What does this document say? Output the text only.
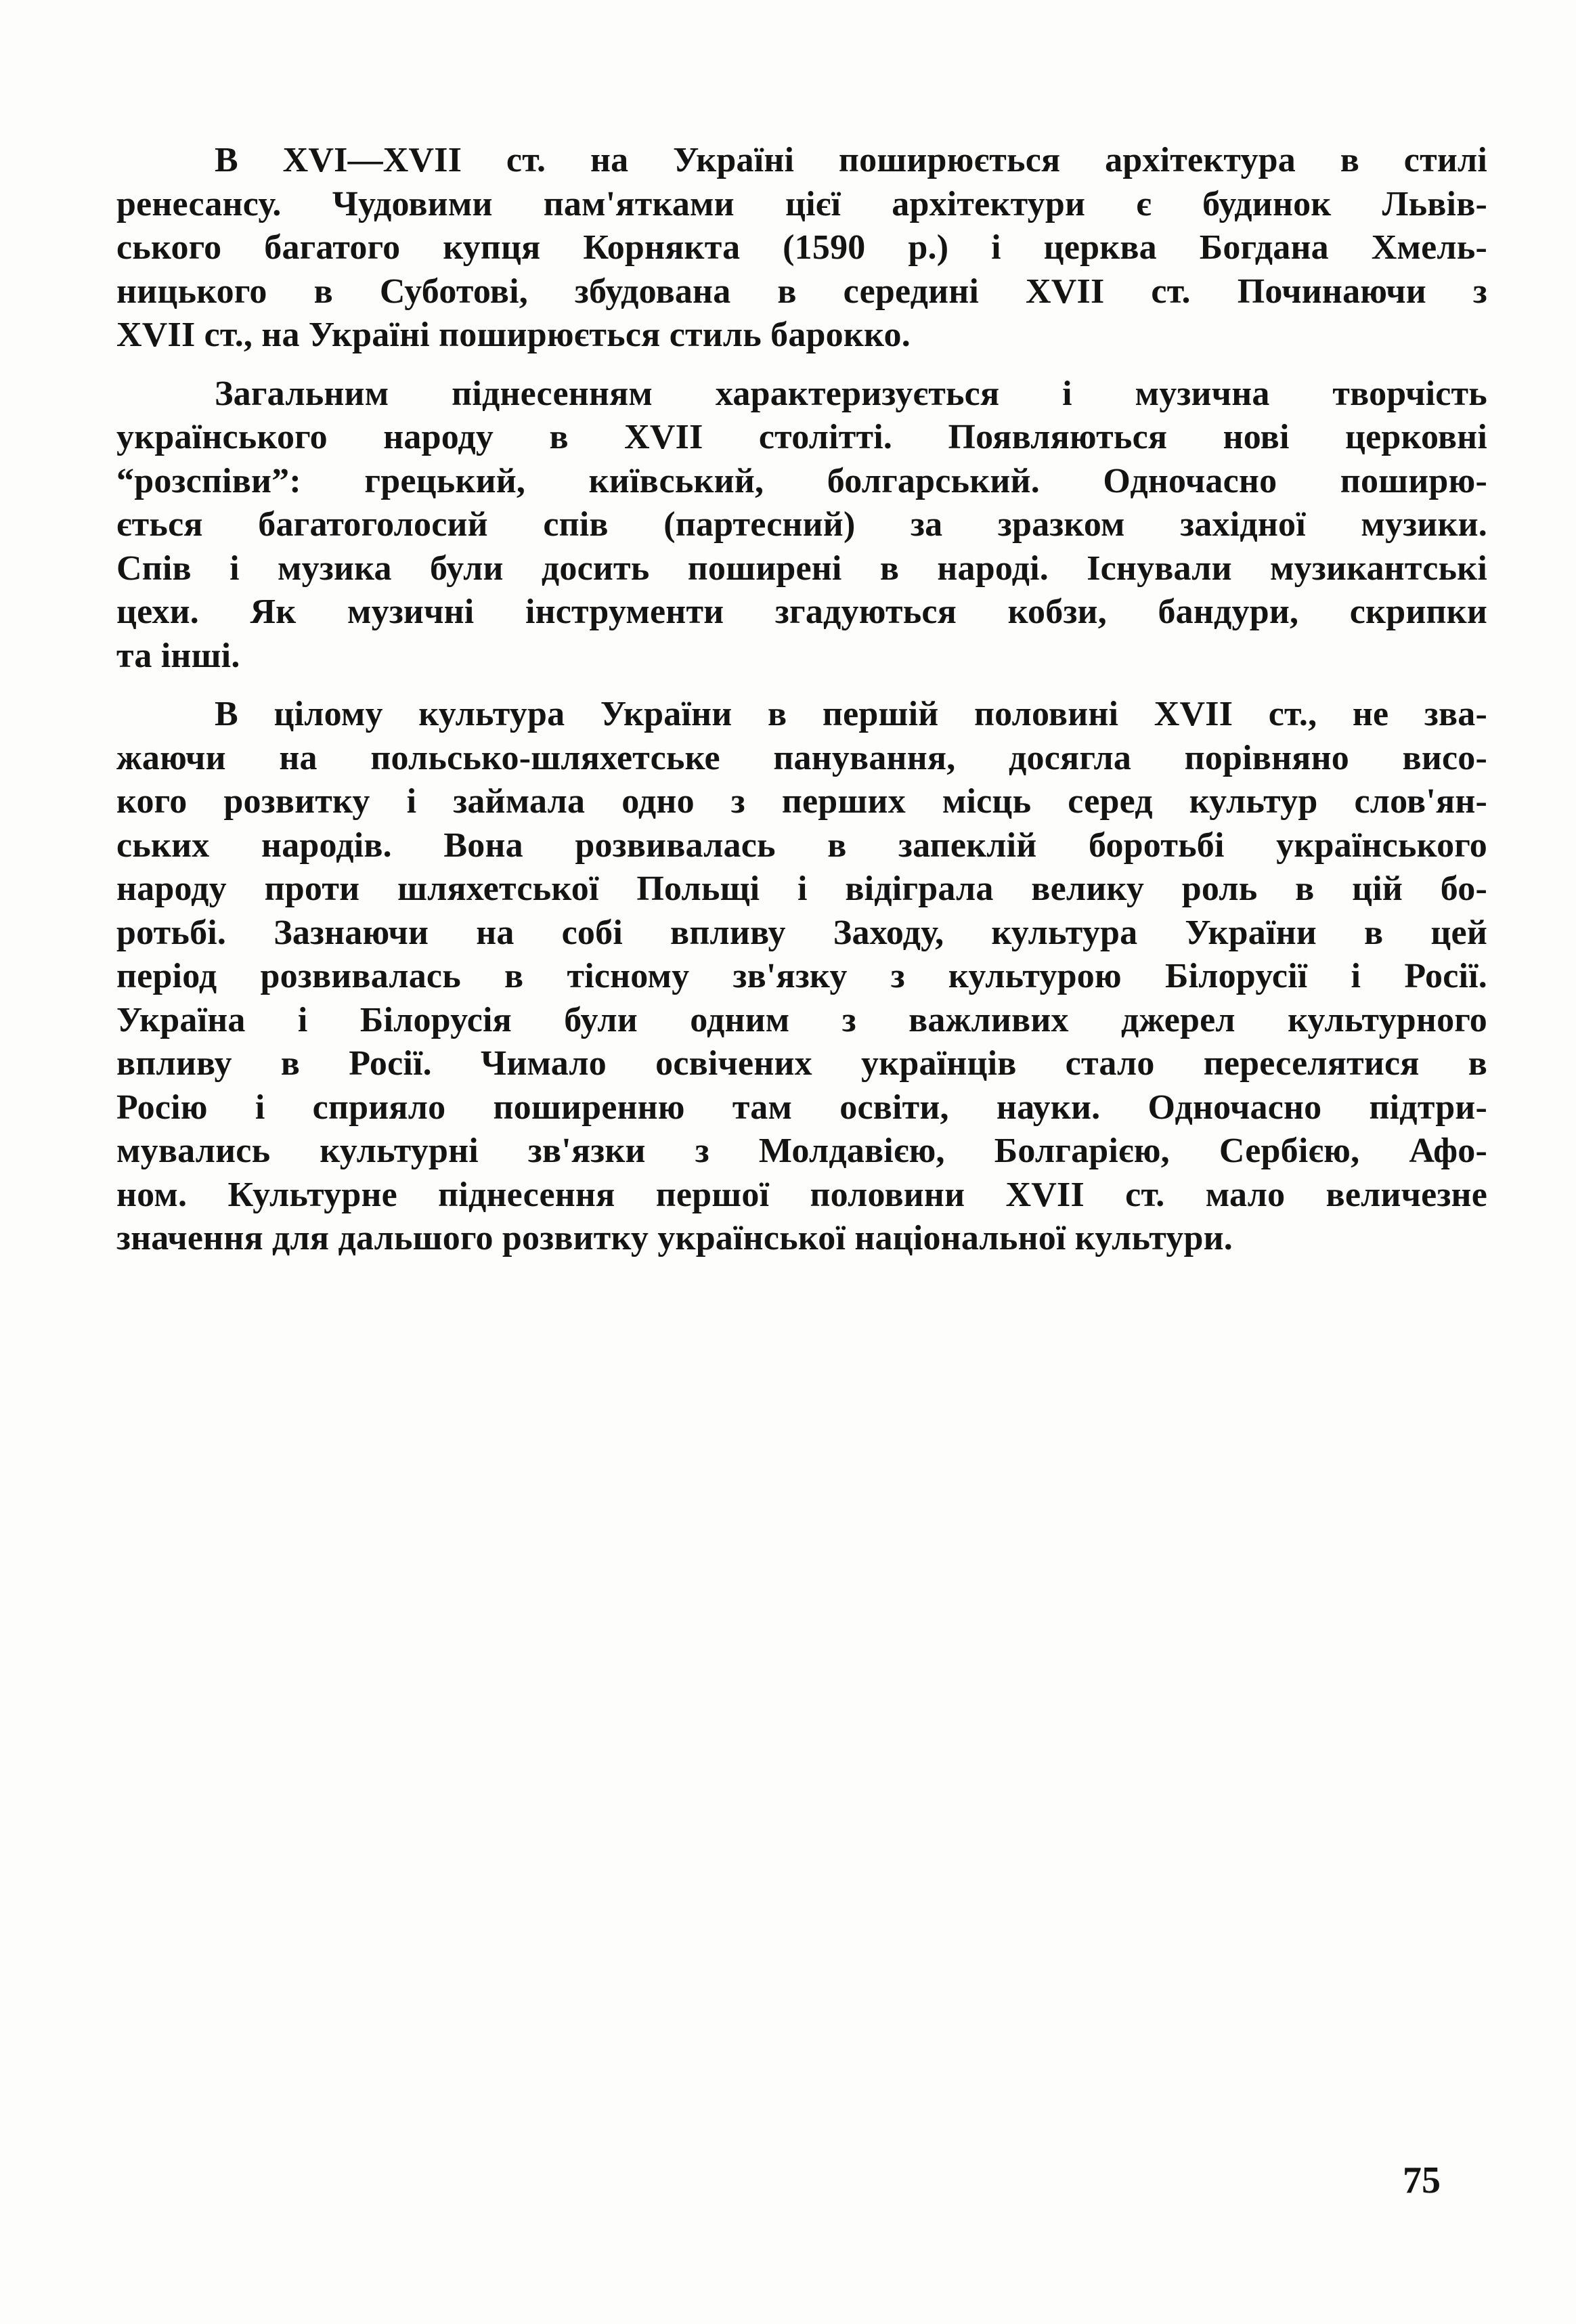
В XVI—XVII ст. на Україні поширюється архітектура в стилі
ренесансу. Чудовими пам'ятками цієї архітектури є будинок Львів-
ського багатого купця Корнякта (1590 р.) і церква Богдана Хмель-
ницького в Суботові, збудована в середині XVII ст. Починаючи з
XVII ст., на Україні поширюється стиль барокко.

Загальним піднесенням характеризується і музична творчість
українського народу в XVII столітті. Появляються нові церковні
“розспіви”: грецький, київський, болгарський. Одночасно поширю-
ється багатоголосий спів (партесний) за зразком західної музики.
Спів і музика були досить поширені в народі. Існували музикантські
цехи. Як музичні інструменти згадуються кобзи, бандури, скрипки
та інші.

В цілому культура України в першій половині XVII ст., не зва-
жаючи на польсько-шляхетське панування, досягла порівняно висо-
кого розвитку і займала одно з перших місць серед культур слов'ян-
ських народів. Вона розвивалась в запеклій боротьбі українського
народу проти шляхетської Польщі і відіграла велику роль в цій бо-
ротьбі. Зазнаючи на собі впливу Заходу, культура України в цей
період розвивалась в тісному зв'язку з культурою Білорусії і Росії.
Україна і Білорусія були одним з важливих джерел культурного
впливу в Росії. Чимало освічених українців стало переселятися в
Росію і сприяло поширенню там освіти, науки. Одночасно підтри-
мувались культурні зв'язки з Молдавією, Болгарією, Сербією, Афо-
ном. Культурне піднесення першої половини XVII ст. мало величезне
значення для дальшого розвитку української національної культури.

75
